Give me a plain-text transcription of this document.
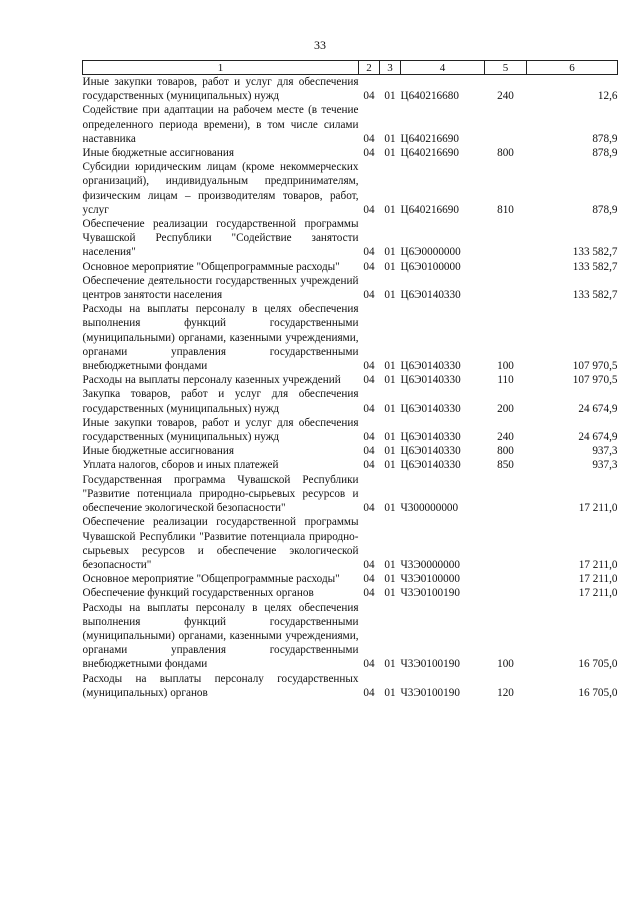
33
1	2	3	4	5	6
Иные закупки товаров, работ и услуг для обеспечения государственных (муниципальных) нужд	04	01	Ц640216680	240	12,6
Содействие при адаптации на рабочем месте (в течение определенного периода времени), в том числе силами наставника	04	01	Ц640216690		878,9
Иные бюджетные ассигнования	04	01	Ц640216690	800	878,9
Субсидии юридическим лицам (кроме некоммерческих организаций), индивидуальным предпринимателям, физическим лицам – производителям товаров, работ, услуг	04	01	Ц640216690	810	878,9
Обеспечение реализации государственной программы Чувашской Республики "Содействие занятости населения"	04	01	Ц6Э0000000		133 582,7
Основное мероприятие "Общепрограммные расходы"	04	01	Ц6Э0100000		133 582,7
Обеспечение деятельности государственных учреждений центров занятости населения	04	01	Ц6Э0140330		133 582,7
Расходы на выплаты персоналу в целях обеспечения выполнения функций государственными (муниципальными) органами, казенными учреждениями, органами управления государственными внебюджетными фондами	04	01	Ц6Э0140330	100	107 970,5
Расходы на выплаты персоналу казенных учреждений	04	01	Ц6Э0140330	110	107 970,5
Закупка товаров, работ и услуг для обеспечения государственных (муниципальных) нужд	04	01	Ц6Э0140330	200	24 674,9
Иные закупки товаров, работ и услуг для обеспечения государственных (муниципальных) нужд	04	01	Ц6Э0140330	240	24 674,9
Иные бюджетные ассигнования	04	01	Ц6Э0140330	800	937,3
Уплата налогов, сборов и иных платежей	04	01	Ц6Э0140330	850	937,3
Государственная программа Чувашской Республики "Развитие потенциала природно-сырьевых ресурсов и обеспечение экологической безопасности"	04	01	Ч300000000		17 211,0
Обеспечение реализации государственной программы Чувашской Республики "Развитие потенциала природно-сырьевых ресурсов и обеспечение экологической безопасности"	04	01	Ч3Э0000000		17 211,0
Основное мероприятие "Общепрограммные расходы"	04	01	Ч3Э0100000		17 211,0
Обеспечение функций государственных органов	04	01	Ч3Э0100190		17 211,0
Расходы на выплаты персоналу в целях обеспечения выполнения функций государственными (муниципальными) органами, казенными учреждениями, органами управления государственными внебюджетными фондами	04	01	Ч3Э0100190	100	16 705,0
Расходы на выплаты персоналу государственных (муниципальных) органов	04	01	Ч3Э0100190	120	16 705,0
